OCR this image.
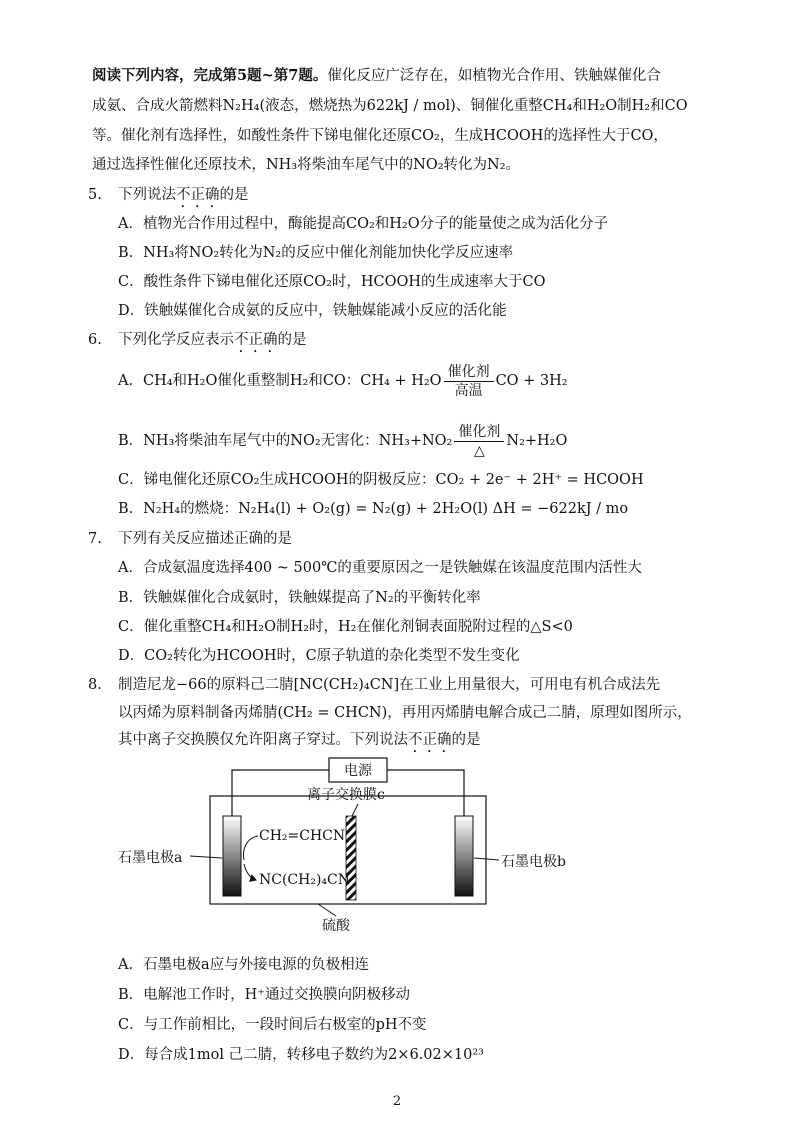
阅读下列内容，完成第5题~第7题。催化反应广泛存在，如植物光合作用、铁触媒催化合
成氨、合成火箭燃料N₂H₄(液态，燃烧热为622kJ / mol)、铜催化重整CH₄和H₂O制H₂和CO
等。催化剂有选择性，如酸性条件下锑电催化还原CO₂，生成HCOOH的选择性大于CO，
通过选择性催化还原技术，NH₃将柴油车尾气中的NO₂转化为N₂。
5. 下列说法不正确的是
A．植物光合作用过程中，酶能提高CO₂和H₂O分子的能量使之成为活化分子
B．NH₃将NO₂转化为N₂的反应中催化剂能加快化学反应速率
C．酸性条件下锑电催化还原CO₂时，HCOOH的生成速率大于CO
D．铁触媒催化合成氨的反应中，铁触媒能减小反应的活化能
6. 下列化学反应表示不正确的是
A．CH₄和H₂O催化重整制H₂和CO：$CH_4 + H_2O \frac{\text{催化剂}}{\text{高温}}$ CO + 3H₂
B．NH₃将柴油车尾气中的NO₂无害化：$NH_3+NO_2 \frac{\text{催化剂}}{\triangle} N_2+H_2O$
C．锑电催化还原CO₂生成HCOOH的阴极反应：CO₂ + 2e⁻ + 2H⁺ = HCOOH
B．N₂H₄的燃烧：N₂H₄(l) + O₂(g) = N₂(g) + 2H₂O(l) ΔH = −622kJ / mo
7. 下列有关反应描述正确的是
A．合成氨温度选择400 ~ 500℃的重要原因之一是铁触媒在该温度范围内活性大
B．铁触媒催化合成氨时，铁触媒提高了N₂的平衡转化率
C．催化重整CH₄和H₂O制H₂时，H₂在催化剂铜表面脱附过程的△S<0
D．CO₂转化为HCOOH时，C原子轨道的杂化类型不发生变化
8. 制造尼龙−66的原料己二腈[NC(CH₂)₄CN]在工业上用量很大，可用电有机合成法先
以丙烯为原料制备丙烯腈(CH₂ = CHCN)，再用丙烯腈电解合成己二腈，原理如图所示，
其中离子交换膜仅允许阳离子穿过。下列说法不正确的是
电源
离子交换膜c
石墨电极a	石墨电极b
CH₂=CHCN
NC(CH₂)₄CN
硫酸
A．石墨电极a应与外接电源的负极相连
B．电解池工作时，H⁺通过交换膜向阴极移动
C．与工作前相比，一段时间后右极室的pH不变
D．每合成1mol 己二腈，转移电子数约为2×6.02×10²³
2
